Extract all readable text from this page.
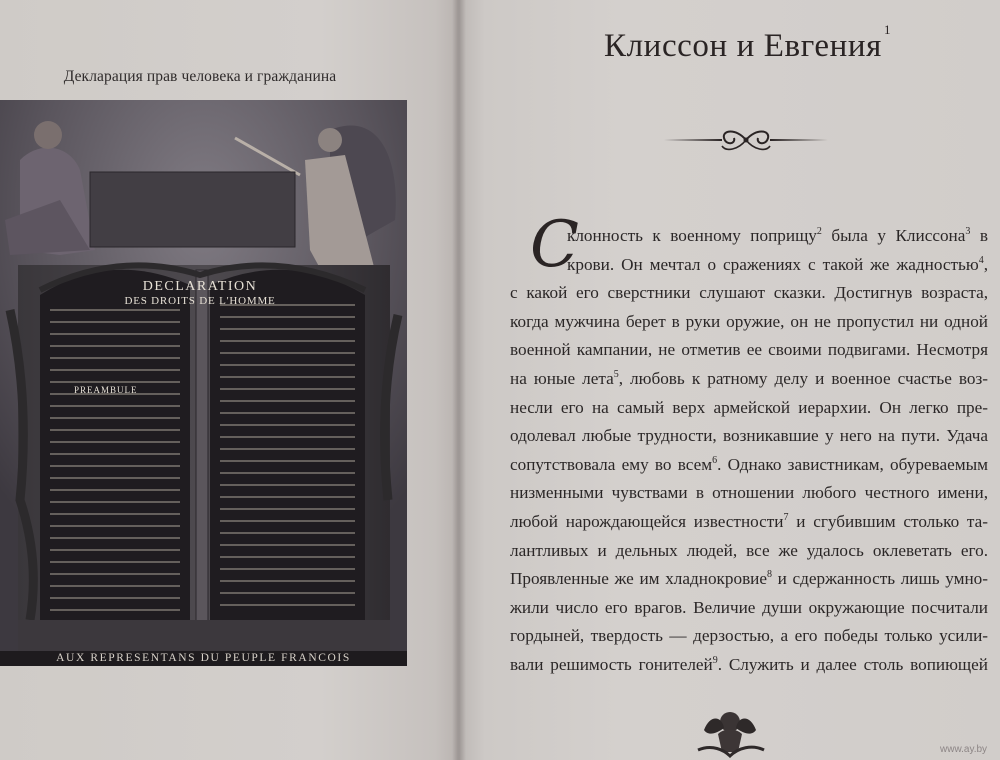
Декларация прав человека и гражданина
DECLARATION
DES DROITS DE L'HOMME
PREAMBULE
AUX REPRESENTANS DU PEUPLE FRANCOIS
Клиссон и Евгения $^1$
С
клонность к военному поприщу$^2$ была у Клиссона$^3$ в
крови. Он мечтал о сражениях с такой же жадностью$^4$,
с какой его сверстники слушают сказки. Достигнув возраста,
когда мужчина берет в руки оружие, он не пропустил ни одной
военной кампании, не отметив ее своими подвигами. Несмотря
на юные лета$^5$, любовь к ратному делу и военное счастье воз-
несли его на самый верх армейской иерархии. Он легко пре-
одолевал любые трудности, возникавшие у него на пути. Удача
сопутствовала ему во всем$^6$. Однако завистникам, обуреваемым
низменными чувствами в отношении любого честного имени,
любой нарождающейся известности$^7$ и сгубившим столько та-
лантливых и дельных людей, все же удалось оклеветать его.
Проявленные же им хладнокровие$^8$ и сдержанность лишь умно-
жили число его врагов. Величие души окружающие посчитали
гордыней, твердость — дерзостью, а его победы только усили-
вали решимость гонителей$^9$. Служить и далее столь вопиющей
www.ay.by
